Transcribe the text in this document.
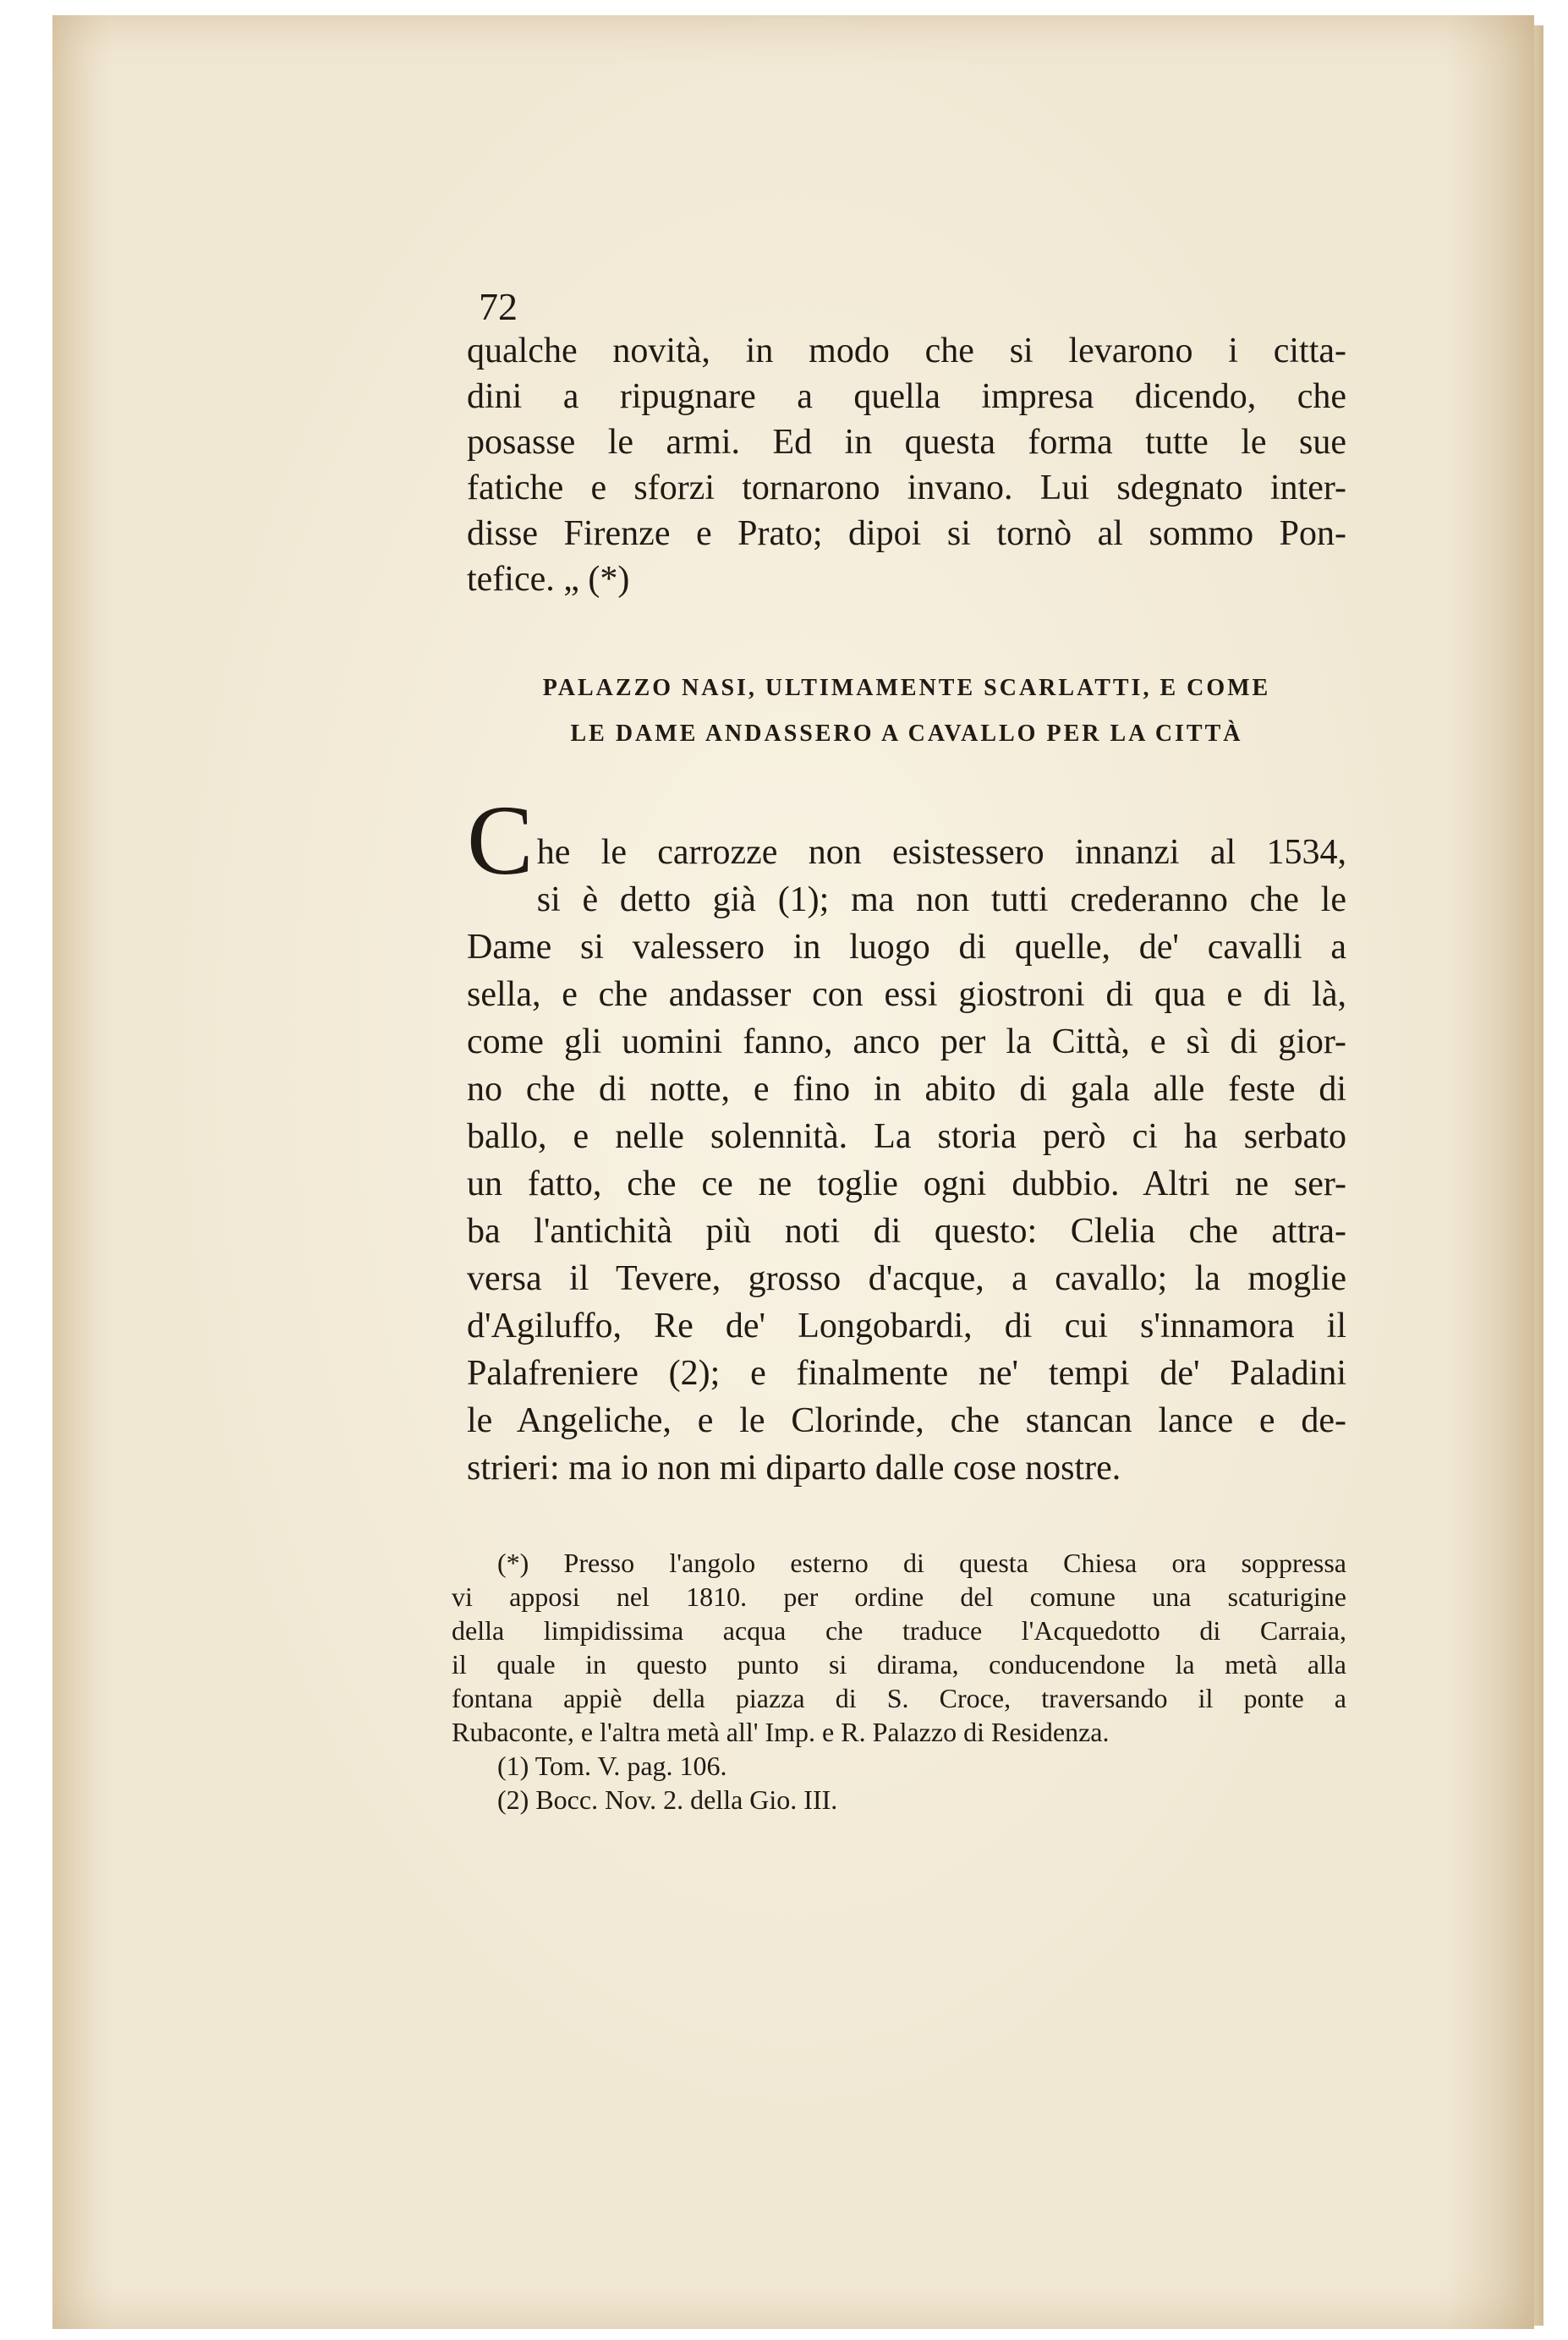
72
qualche novità, in modo che si levarono i citta-
dini a ripugnare a quella impresa dicendo, che
posasse le armi. Ed in questa forma tutte le sue
fatiche e sforzi tornarono invano. Lui sdegnato inter-
disse Firenze e Prato; dipoi si tornò al sommo Pon-
tefice. „ (*)
PALAZZO NASI, ULTIMAMENTE SCARLATTI, E COME
LE DAME ANDASSERO A CAVALLO PER LA CITTÀ
C he le carrozze non esistessero innanzi al 1534,
si è detto già (1); ma non tutti crederanno che le
Dame si valessero in luogo di quelle, de' cavalli a
sella, e che andasser con essi giostroni di qua e di là,
come gli uomini fanno, anco per la Città, e sì di gior-
no che di notte, e fino in abito di gala alle feste di
ballo, e nelle solennità. La storia però ci ha serbato
un fatto, che ce ne toglie ogni dubbio. Altri ne ser-
ba l'antichità più noti di questo: Clelia che attra-
versa il Tevere, grosso d'acque, a cavallo; la moglie
d'Agiluffo, Re de' Longobardi, di cui s'innamora il
Palafreniere (2); e finalmente ne' tempi de' Paladini
le Angeliche, e le Clorinde, che stancan lance e de-
strieri: ma io non mi diparto dalle cose nostre.
(*) Presso l'angolo esterno di questa Chiesa ora soppressa
vi apposi nel 1810. per ordine del comune una scaturigine
della limpidissima acqua che traduce l'Acquedotto di Carraia,
il quale in questo punto si dirama, conducendone la metà alla
fontana appiè della piazza di S. Croce, traversando il ponte a
Rubaconte, e l'altra metà all' Imp. e R. Palazzo di Residenza.
(1) Tom. V. pag. 106.
(2) Bocc. Nov. 2. della Gio. III.
